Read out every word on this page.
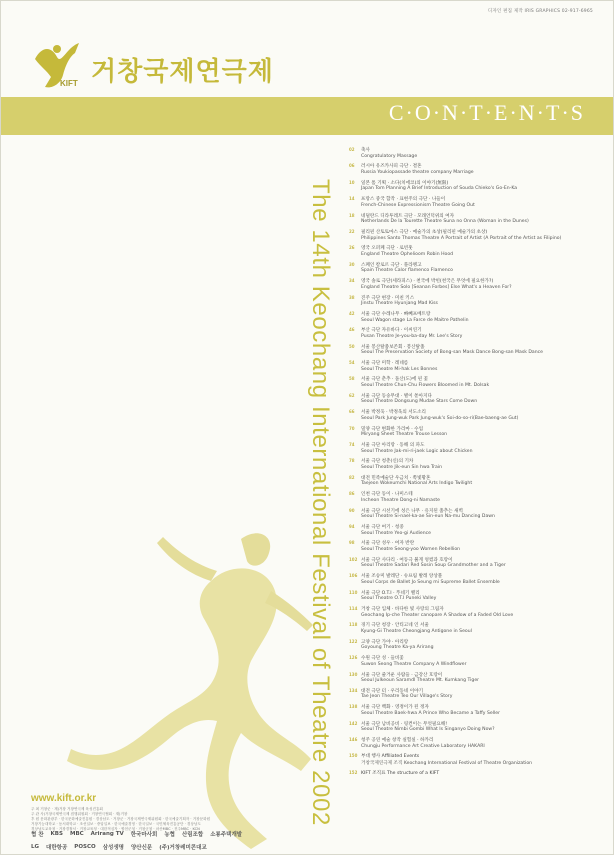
디자인 편집 제작 IRIS GRAPHICS 02-917-6965
KIFT 거창국제연극제
C·O·N·T·E·N·T·S
The 14th Keochang International Festival of Theatre 2002
www.kift.or.kr
주 최 거창군 · 재)거창 거창연극제 육성진흥회
주 관 사)거창국제연극제 집행위원회 · 거창연극협회 · 재)거창
후 원 문화관광부 · 한국문화예술진흥원 · 경상남도 · 거창군 · 거창국제연극제위원회 · 한국예술기획자 · 거창문화원
거창기능대학교 · 동서대학교 · 조선일보 · 중앙일보 · 한국예술경영 · 한국일보 · 국민체육진흥공단 · 경상남도
경상남도교육청 · 거창경찰서 · 거창교육청 · 대한적십자 · 합천군청 · 거창군청 · 마산MBC · 진주MBC · KCN
협 찬 KBS MBC Arirang TV 한국마사회 농협 산림조합 소룡주택개발
LG 대한항공 POSCO 삼성생명 양산신문 (주)거창레미콘대교
02 축사
Congratulatory Massage
06 러시아 유즈카사피 극단 · 결혼
Russia Youkiopassade theatre company Marriage
10 일본 톰 기획 · 소다(치에코)의 이야기(無限)
Japan Tom Planning A Brief Introduction of Souda Chieko's Go-En-Ka
14 프랑스 중국 합작 · 표현주의 극단 · 나들이
French-Chinese Expressionism Theatre Going Out
18 네덜란드 디라투레트 극단 · 모래언덕위의 여자
Netherlands De la Tourette Theatre Suna no Onna (Woman in the Dunes)
22 필리핀 산토토마스 극단 · 예술가의 초상(필리핀 예술가의 초상)
Philippines Santo Thomas Theatre A Portrait of Artist (A Portrait of the Artist as Filipino)
26 영국 오퍼페 극단 · 로빈훗
England Theatre Ophelioom Robin Hood
30 스페인 칼로르 극단 · 플라멩고
Spain Theatre Calor flamenco Flamenco
34 영국 솔로 극단(세라피스) · 천국에 박힌(천국은 무엇에 필요한가?)
England Theatre Solo [Seanan Forbes] Else What's a Heaven For?
38 진주 극단 현장 · 미친 키스
Jinstu Theatre Hyunjang Mad Kiss
42 서울 극단 수레나무 · 빠빼프베트랑
Seoul Wagon stage La Farce de Maitre Pathelin
46 부산 극단 자유바다 · 이씨연기
Pusan Theatre Je-you-ba-day Mr. Lee's Story
50 서울 봉산탈춤보존회 · 봉산탈춤
Seoul The Preservation Society of Bong-san Mask Dance Bong-san Mask Dance
54 서울 극단 미학 · 레네름
Seoul Theatre Mi-hak Les Bonnes
58 서울 극단 춘추 · 돌산(도)에 핀 꽃
Seoul Theatre Chun-Chu Flowers Bloomed in Mt. Dolsak
62 서울 극단 동숭무대 · 별이 쏟아지다
Seoul Theatre Dongsung Mudae Stars Come Down
66 서울 박정욱 · 박정욱의 서도소리
Seoul Park Jung-wuk Park Jung-wuk's Soi-do-so-ri(Bae-baeng-ae Gut)
70 밀양 극단 변화한 가리마 · 수업
Miryang Sheet Theatre Trouse Lesson
74 서울 극단 아리랑 · 동해 의 파도
Seoul Theatre Jak-mi-ri-jaek Logic about Chicken
78 서울 극단 청춘(신)의 기차
Seoul Theatre Jik-eun Sin hwa Train
82 대전 민족예술단 우금치 · 쪽빛황혼
Taejeon Wokeumchi National Arts Indigo Twilight
86 인천 극단 동이 · 나미스테
Incheon Theatre Dong-ni Namaste
90 서울 극단 시선기에 성은 나무 · 유지된 춤추는 새벽
Seoul Theatre Si-nael-ka-ae Sin-eun Na-mu Dancing Dawn
94 서울 극단 여기 · 청중
Seoul Theatre Yeo-gi Audience
98 서울 극단 성우 · 여자 반란
Seoul Theatre Seong-yoo Women Rebellion
102 서울 극단 사다리 · 여동극 붉게 엉켰과 호랑이
Seoul Theatre Sadari Red Sosin Soup Grandmother and a Tiger
106 서울 조승미 발레단 · 슈프림 발레 앙상블
Seoul Corps de Ballet Jo Seung mi Supreme Ballet Ensemble
110 서울 극단 O.T.I · 푸네기 밸리
Seoul Theatre O.T.I Puneki Valley
114 거창 극단 입체 · 바다한 빛 사랑의 그림자
Geochang Ip-che Theater canopare A Shadow of a Faded Old Love
118 경기 극단 청장 · 안티고네 인 서울
Kyung-Gi Theatre Cheongjang Antigone in Seoul
122 고양 극단 가야 · 아리랑
Goyoung Theatre Ka-ya Arirang
126 수원 극단 성 · 들비꽃
Suwon Seong Theatre Company A Windflower
130 서울 극단 줄거운 사람들 · 금강산 호랑이
Seoul Julkeoun Saramdl Theatre Mt. Kumkang Tiger
134 대전 극단 터 · 우리동네 이야기
Tae Jeon Theatre Teo Our Village's Story
138 서울 극단 백화 · 영정이가 된 정자
Seoul Theatre Baek-hwa A Prince Who Became a Taffy Seller
142 서울 극단 남비공비 · 링컨이는 무엇필요해!
Seoul Theatre Nimbi Gombi What Is Singanyo Doing Now?
146 청주 공연 예술 창작 실험실 · 하카리
Chungju Performance Art Creative Laboratory HAKARI
150 부대 행사 Affiliated Events
거창국제연극제 조직 Keochang International Festival of Theatre Organization
152 KIFT 조직표 The structure of a KIFT
